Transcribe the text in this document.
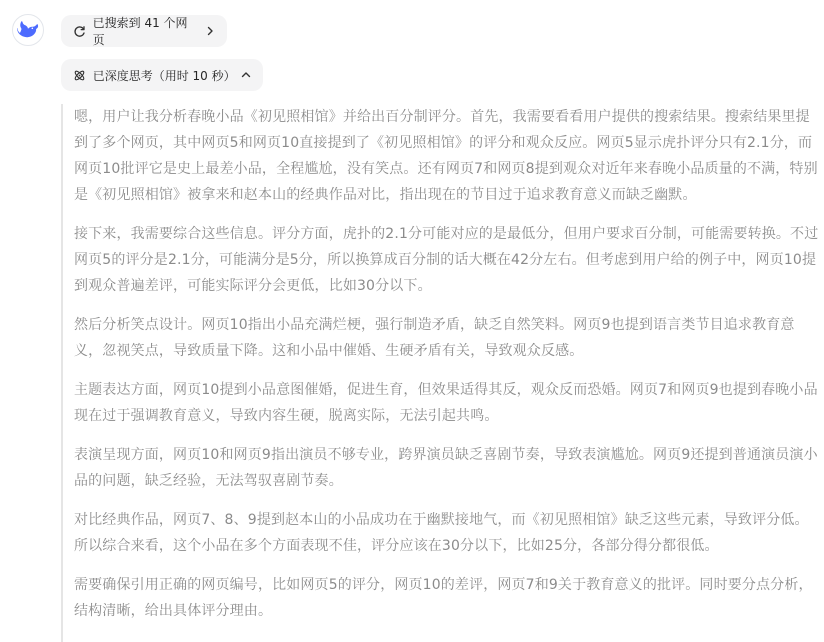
已搜索到 41 个网页
已深度思考（用时 10 秒）

嗯，用户让我分析春晚小品《初见照相馆》并给出百分制评分。首先，我需要看看用户提供的搜索结果。搜索结果里提到了多个网页，其中网页5和网页10直接提到了《初见照相馆》的评分和观众反应。网页5显示虎扑评分只有2.1分，而网页10批评它是史上最差小品，全程尴尬，没有笑点。还有网页7和网页8提到观众对近年来春晚小品质量的不满，特别是《初见照相馆》被拿来和赵本山的经典作品对比，指出现在的节目过于追求教育意义而缺乏幽默。

接下来，我需要综合这些信息。评分方面，虎扑的2.1分可能对应的是最低分，但用户要求百分制，可能需要转换。不过网页5的评分是2.1分，可能满分是5分，所以换算成百分制的话大概在42分左右。但考虑到用户给的例子中，网页10提到观众普遍差评，可能实际评分会更低，比如30分以下。

然后分析笑点设计。网页10指出小品充满烂梗，强行制造矛盾，缺乏自然笑料。网页9也提到语言类节目追求教育意义，忽视笑点，导致质量下降。这和小品中催婚、生硬矛盾有关，导致观众反感。

主题表达方面，网页10提到小品意图催婚，促进生育，但效果适得其反，观众反而恐婚。网页7和网页9也提到春晚小品现在过于强调教育意义，导致内容生硬，脱离实际，无法引起共鸣。

表演呈现方面，网页10和网页9指出演员不够专业，跨界演员缺乏喜剧节奏，导致表演尴尬。网页9还提到普通演员演小品的问题，缺乏经验，无法驾驭喜剧节奏。

对比经典作品，网页7、8、9提到赵本山的小品成功在于幽默接地气，而《初见照相馆》缺乏这些元素，导致评分低。所以综合来看，这个小品在多个方面表现不佳，评分应该在30分以下，比如25分，各部分得分都很低。

需要确保引用正确的网页编号，比如网页5的评分，网页10的差评，网页7和9关于教育意义的批评。同时要分点分析，结构清晰，给出具体评分理由。
